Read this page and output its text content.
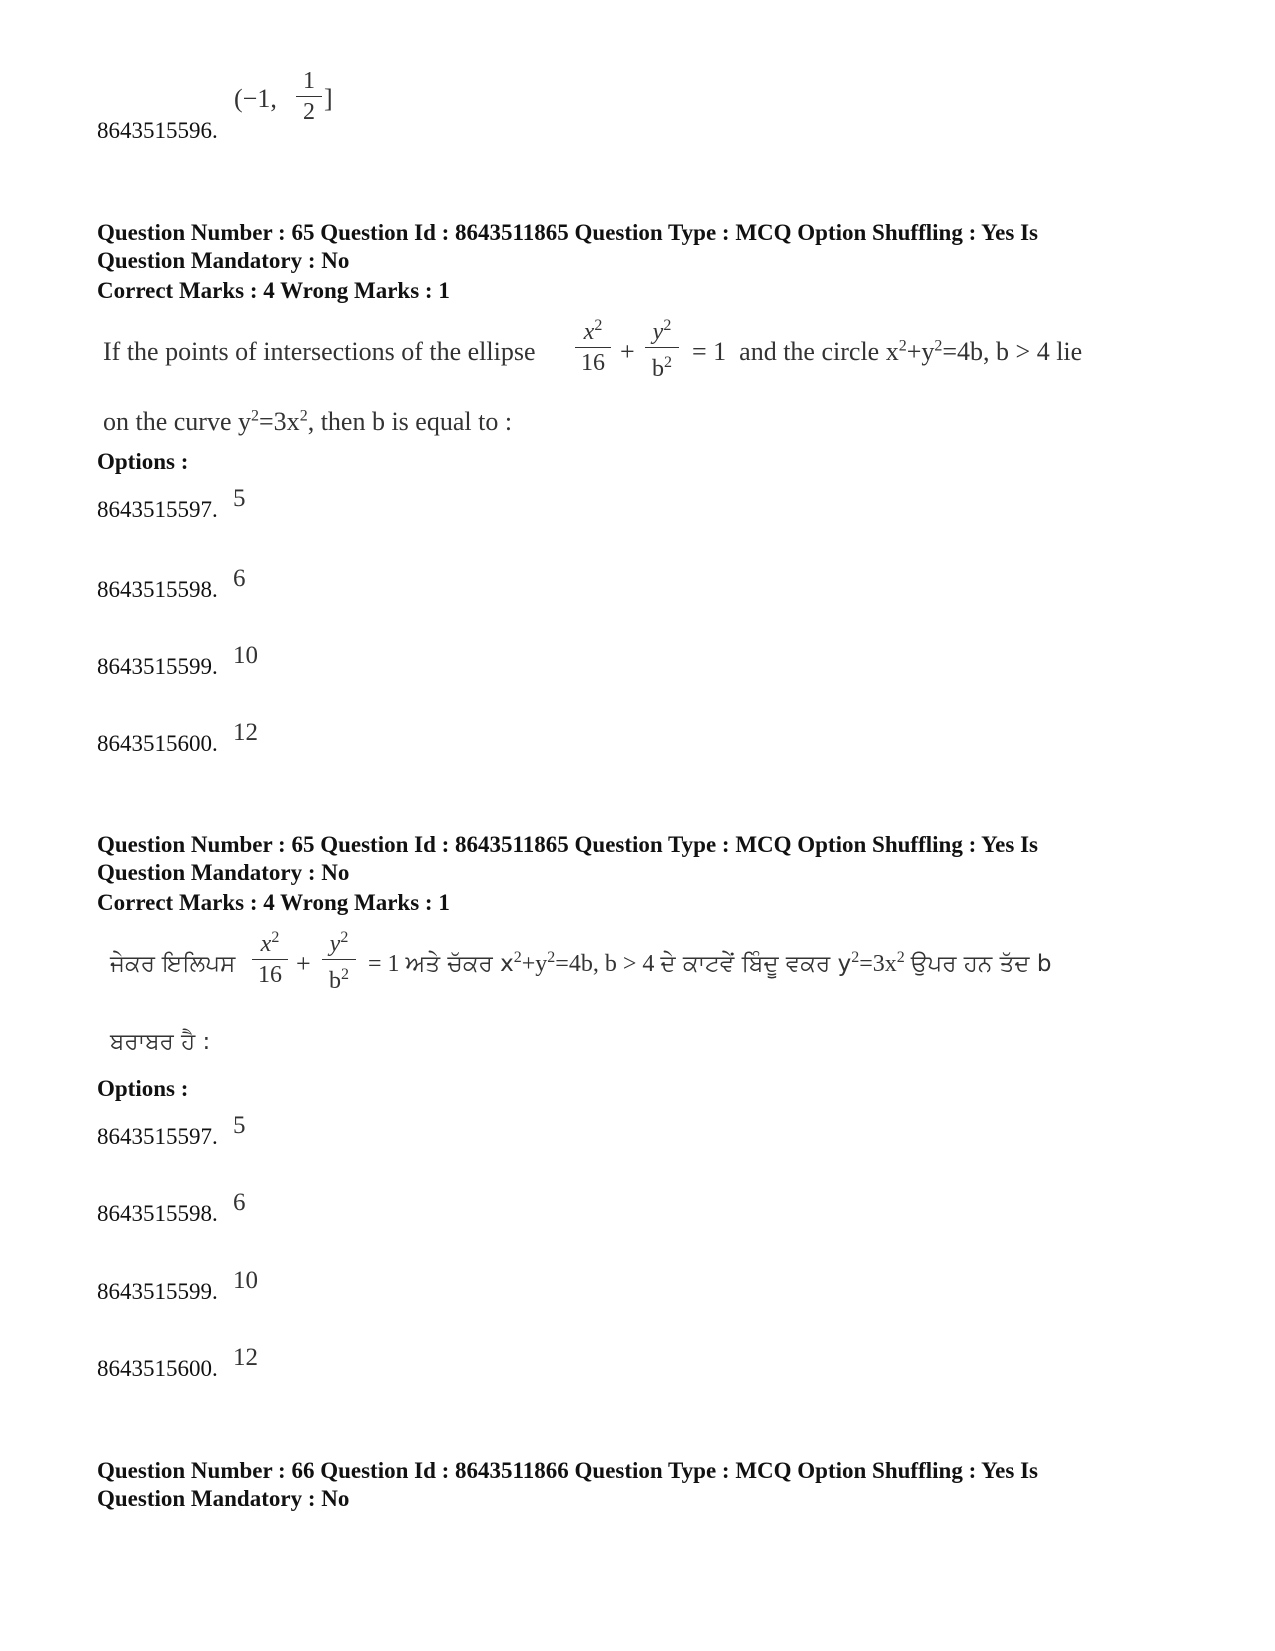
8643515596.
(−1,
1
2 ]
Question Number : 65 Question Id : 8643511865 Question Type : MCQ Option Shuffling : Yes Is
Question Mandatory : No
Correct Marks : 4 Wrong Marks : 1
If the points of intersections of the ellipse
$x^2$
16 +
$y^2$
$b^2 = 1$ and the circle $x^2+y^2=4b$, b > 4 lie
on the curve $y^2=3x^2$, then b is equal to :
Options :
8643515597. 5
8643515598. 6
8643515599. 10
8643515600. 12
Question Number : 65 Question Id : 8643511865 Question Type : MCQ Option Shuffling : Yes Is
Question Mandatory : No
Correct Marks : 4 Wrong Marks : 1
ਜੇਕਰ ਇਲਿਪਸ
$x^2$
16 +
$y^2$
$b^2 = 1$ ਅਤੇ ਚੱਕਰ $x^2+y^2=4b$, b > 4 ਦੇ ਕਾਟਵੇਂ ਬਿੰਦੂ ਵਕਰ $y^2=3x^2$ ਉਪਰ ਹਨ ਤੱਦ b
ਬਰਾਬਰ ਹੈ :
Options :
8643515597. 5
8643515598. 6
8643515599. 10
8643515600. 12
Question Number : 66 Question Id : 8643511866 Question Type : MCQ Option Shuffling : Yes Is
Question Mandatory : No
